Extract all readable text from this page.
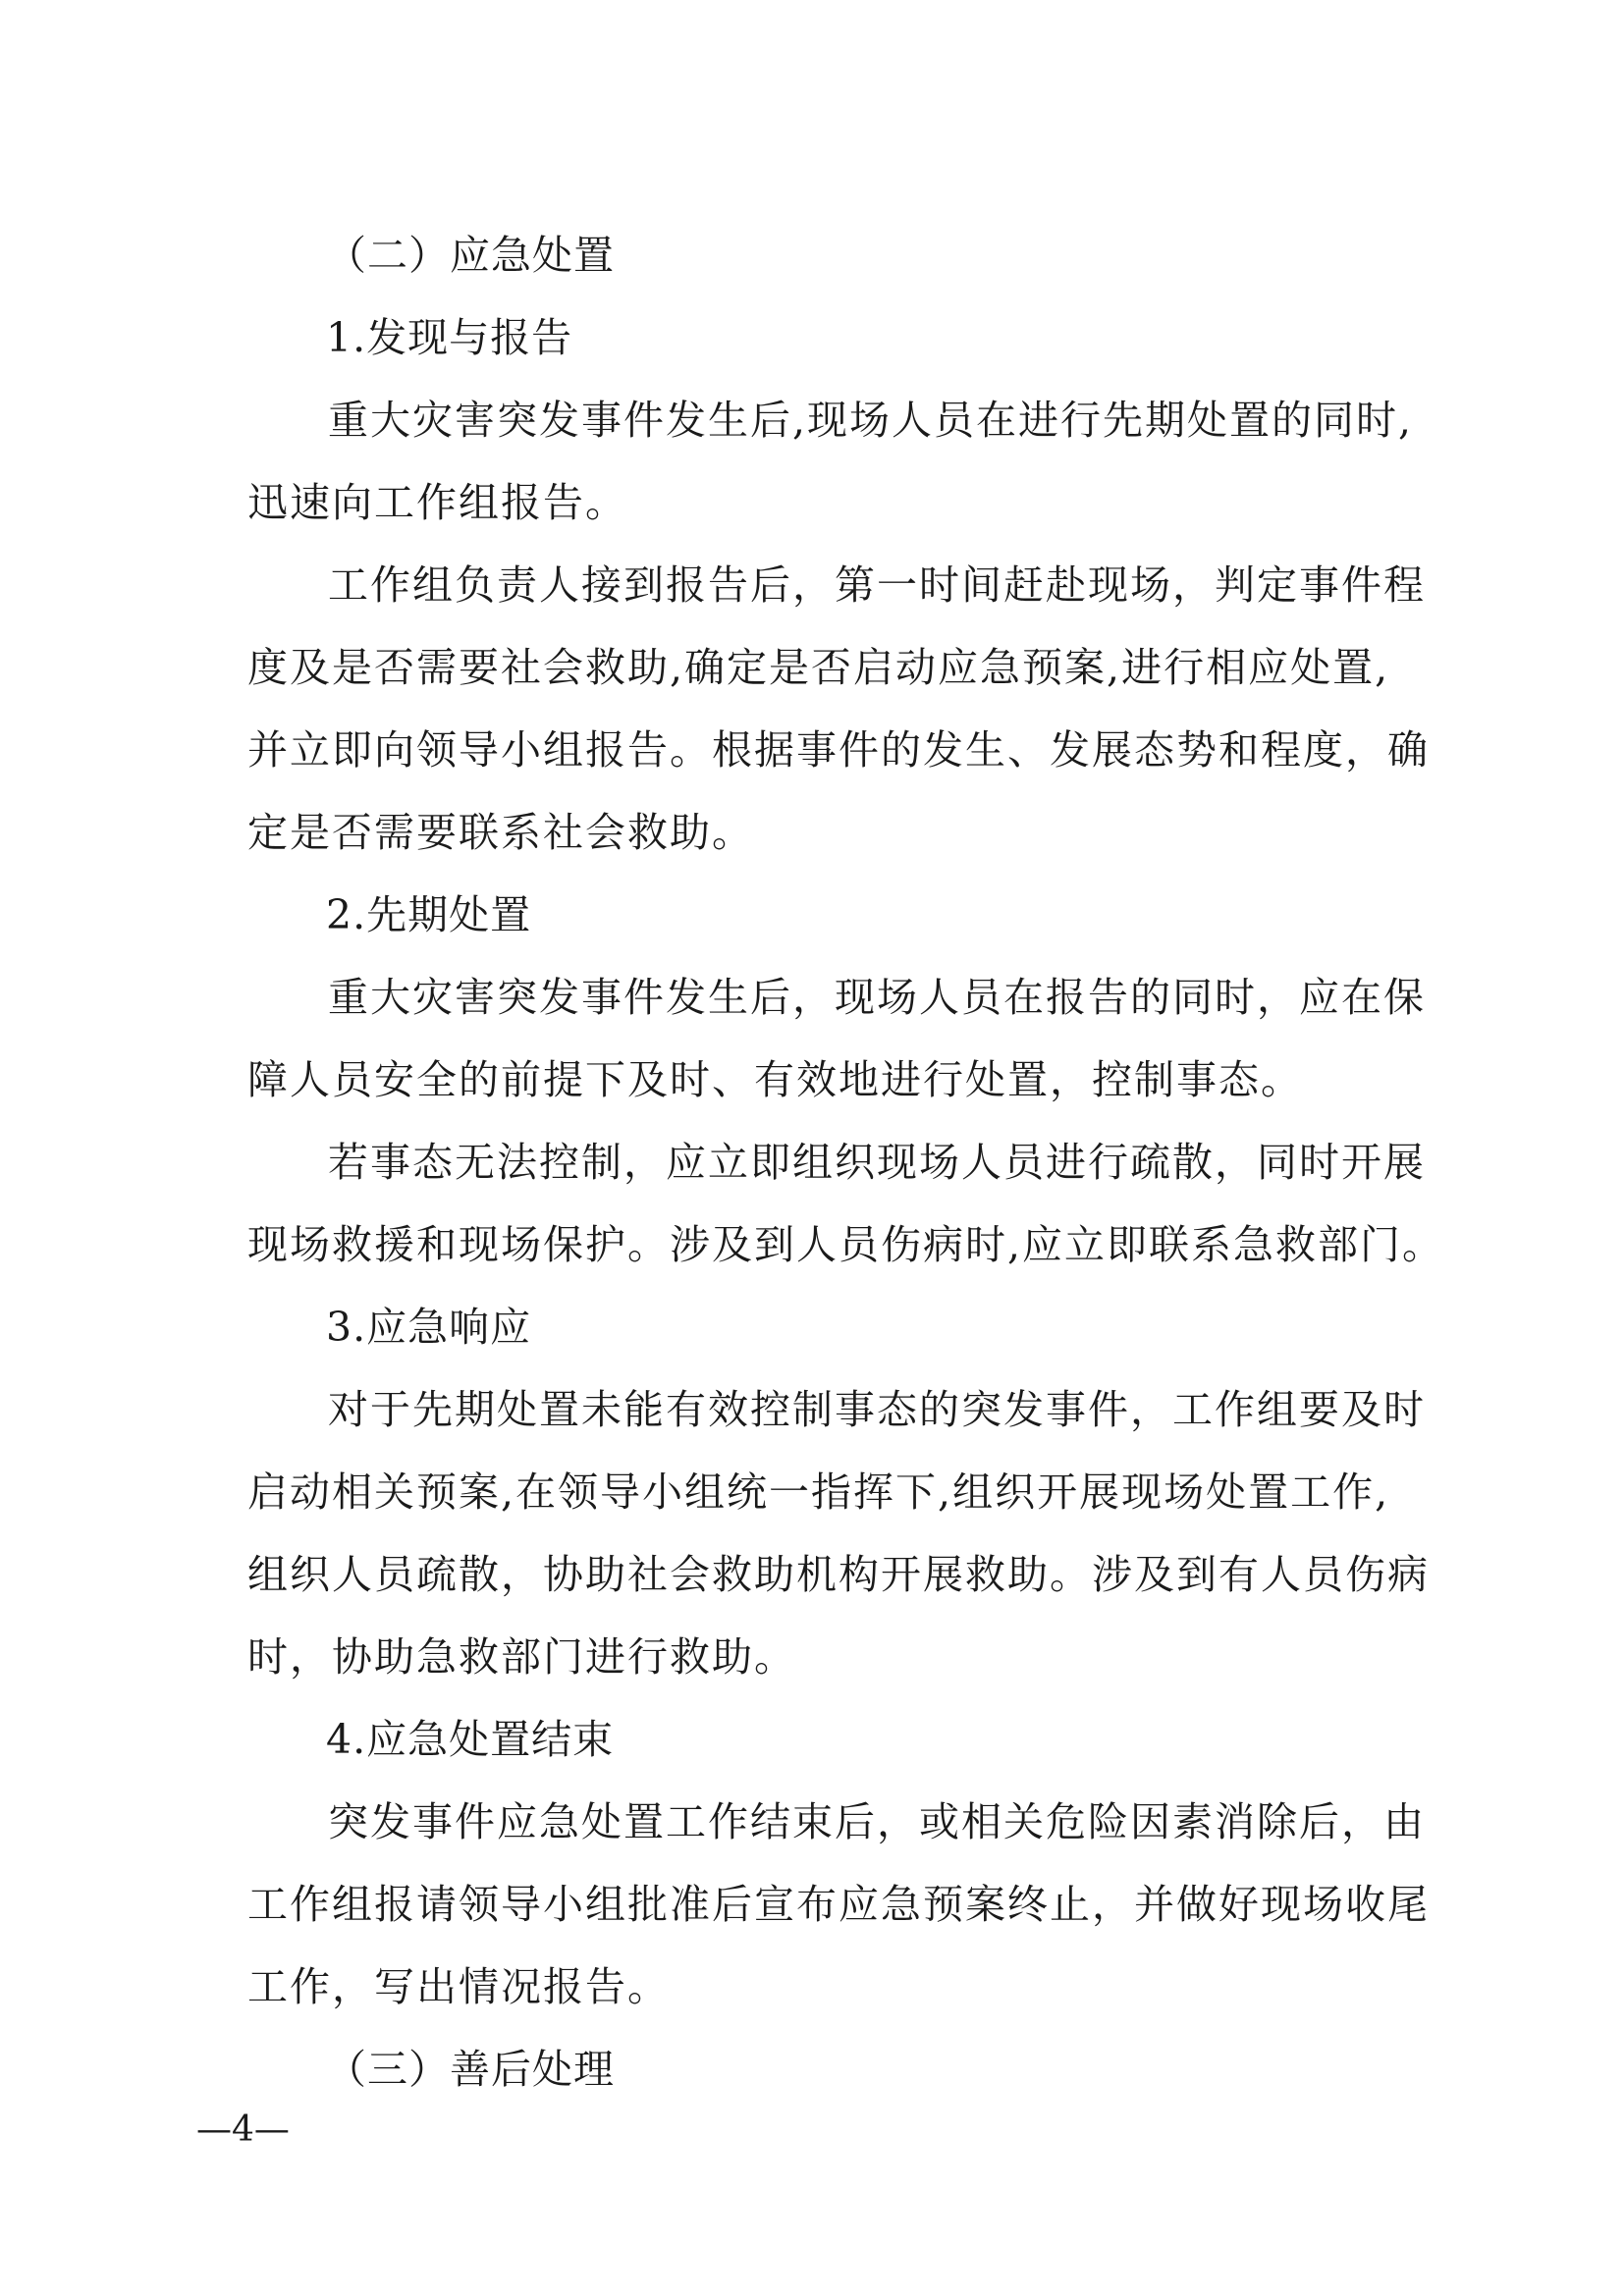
（二）应急处置
1.发现与报告
重大灾害突发事件发生后,现场人员在进行先期处置的同时,
迅速向工作组报告。
工作组负责人接到报告后，第一时间赶赴现场，判定事件程
度及是否需要社会救助,确定是否启动应急预案,进行相应处置,
并立即向领导小组报告。根据事件的发生、发展态势和程度，确
定是否需要联系社会救助。
2.先期处置
重大灾害突发事件发生后，现场人员在报告的同时，应在保
障人员安全的前提下及时、有效地进行处置，控制事态。
若事态无法控制，应立即组织现场人员进行疏散，同时开展
现场救援和现场保护。涉及到人员伤病时,应立即联系急救部门。
3.应急响应
对于先期处置未能有效控制事态的突发事件，工作组要及时
启动相关预案,在领导小组统一指挥下,组织开展现场处置工作,
组织人员疏散，协助社会救助机构开展救助。涉及到有人员伤病
时，协助急救部门进行救助。
4.应急处置结束
突发事件应急处置工作结束后，或相关危险因素消除后，由
工作组报请领导小组批准后宣布应急预案终止，并做好现场收尾
工作，写出情况报告。
（三）善后处理
—4—
